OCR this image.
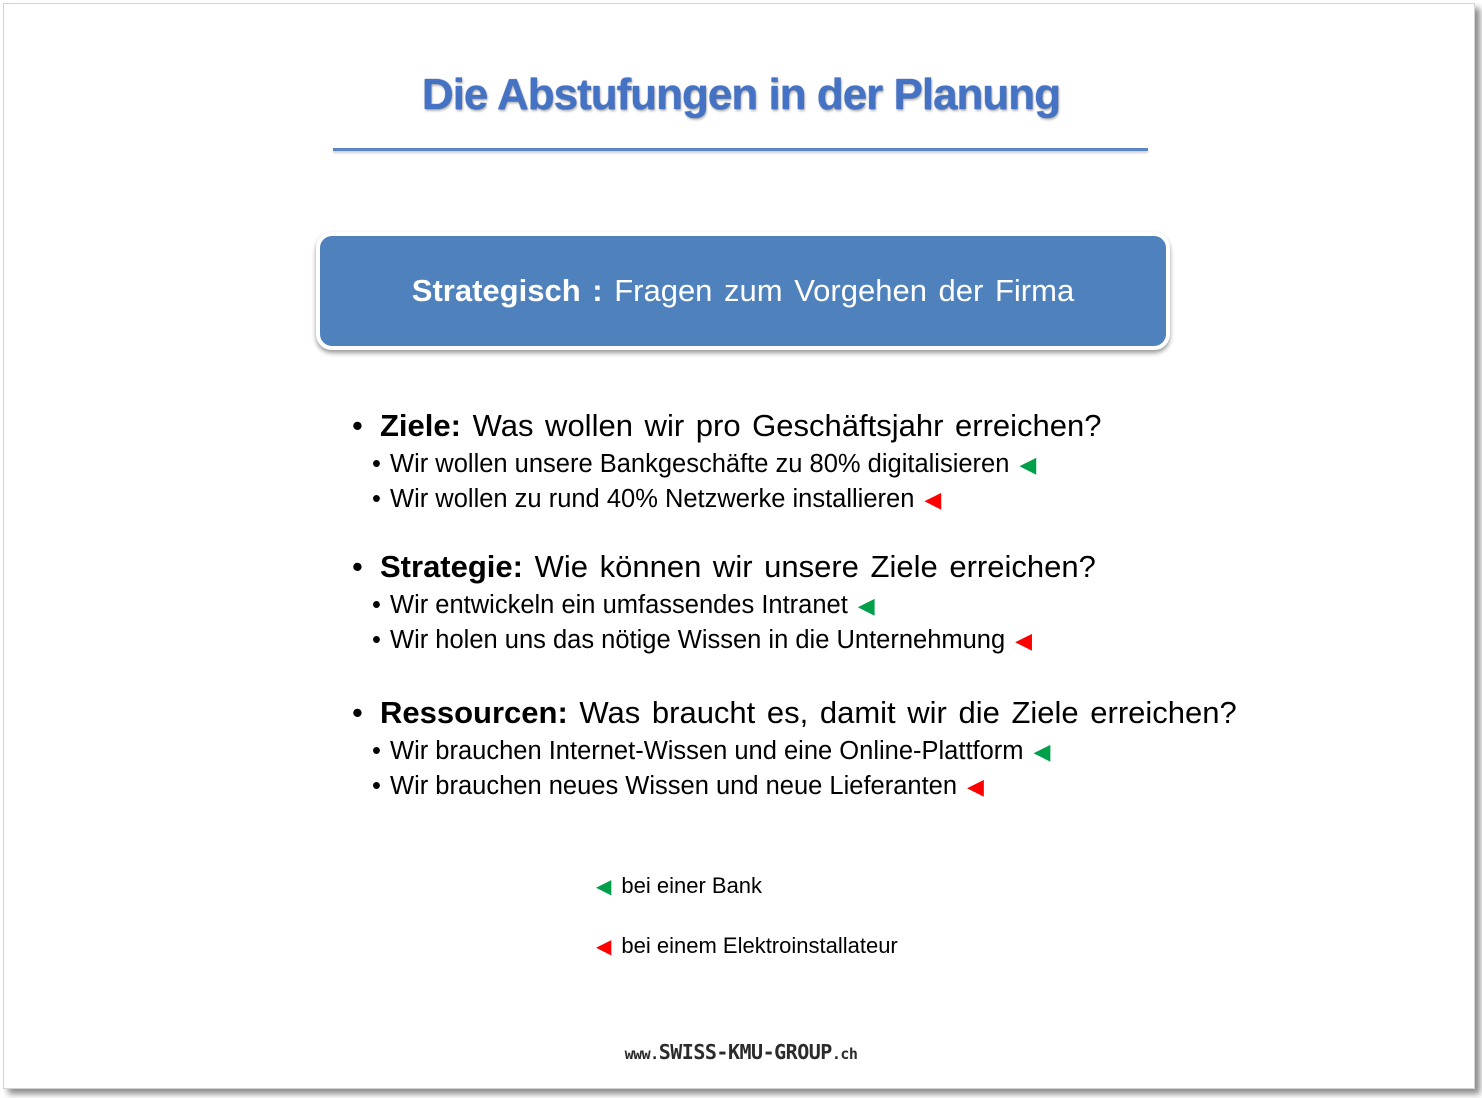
Die Abstufungen in der Planung
Strategisch :
Fragen zum Vorgehen der Firma
• Ziele: Was wollen wir pro Geschäftsjahr erreichen?
• Wir wollen unsere Bankgeschäfte zu 80% digitalisieren ◀
• Wir wollen zu rund 40% Netzwerke installieren ◀
• Strategie: Wie können wir unsere Ziele erreichen?
• Wir entwickeln ein umfassendes Intranet ◀
• Wir holen uns das nötige Wissen in die Unternehmung ◀
• Ressourcen: Was braucht es, damit wir die Ziele erreichen?
• Wir brauchen Internet-Wissen und eine Online-Plattform ◀
• Wir brauchen neues Wissen und neue Lieferanten ◀
◀ bei einer Bank
◀ bei einem Elektroinstallateur
www.SWISS-KMU-GROUP.ch
